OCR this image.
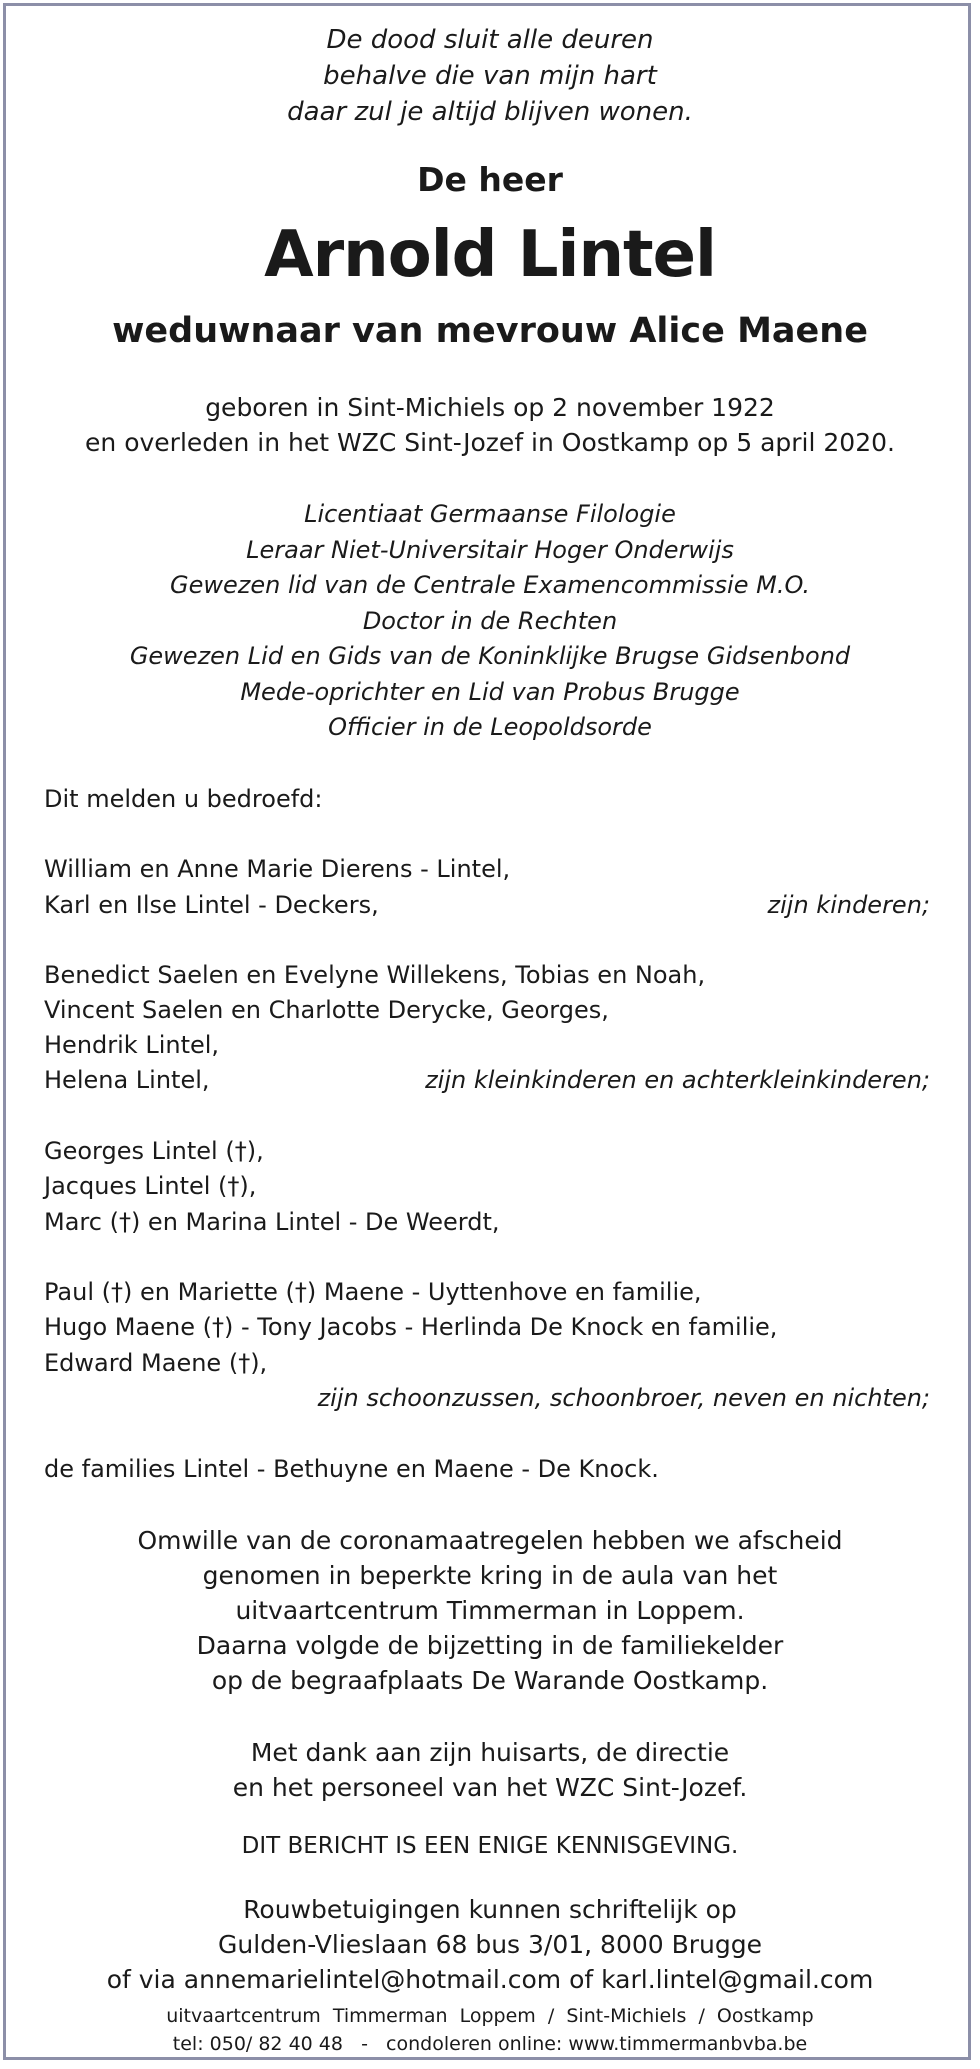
De dood sluit alle deuren
behalve die van mijn hart
daar zul je altijd blijven wonen.
De heer
Arnold Lintel
weduwnaar van mevrouw Alice Maene
geboren in Sint-Michiels op 2 november 1922
en overleden in het WZC Sint-Jozef in Oostkamp op 5 april 2020.
Licentiaat Germaanse Filologie
Leraar Niet-Universitair Hoger Onderwijs
Gewezen lid van de Centrale Examencommissie M.O.
Doctor in de Rechten
Gewezen Lid en Gids van de Koninklijke Brugse Gidsenbond
Mede-oprichter en Lid van Probus Brugge
Officier in de Leopoldsorde
Dit melden u bedroefd:
William en Anne Marie Dierens - Lintel,
Karl en Ilse Lintel - Deckers,	zijn kinderen;
Benedict Saelen en Evelyne Willekens, Tobias en Noah,
Vincent Saelen en Charlotte Derycke, Georges,
Hendrik Lintel,
Helena Lintel,	zijn kleinkinderen en achterkleinkinderen;
Georges Lintel (†),
Jacques Lintel (†),
Marc (†) en Marina Lintel - De Weerdt,
Paul (†) en Mariette (†) Maene - Uyttenhove en familie,
Hugo Maene (†) - Tony Jacobs - Herlinda De Knock en familie,
Edward Maene (†),
zijn schoonzussen, schoonbroer, neven en nichten;
de families Lintel - Bethuyne en Maene - De Knock.
Omwille van de coronamaatregelen hebben we afscheid
genomen in beperkte kring in de aula van het
uitvaartcentrum Timmerman in Loppem.
Daarna volgde de bijzetting in de familiekelder
op de begraafplaats De Warande Oostkamp.
Met dank aan zijn huisarts, de directie
en het personeel van het WZC Sint-Jozef.
DIT BERICHT IS EEN ENIGE KENNISGEVING.
Rouwbetuigingen kunnen schriftelijk op
Gulden-Vlieslaan 68 bus 3/01, 8000 Brugge
of via annemarielintel@hotmail.com of karl.lintel@gmail.com
uitvaartcentrum  Timmerman  Loppem  /  Sint-Michiels  /  Oostkamp
tel: 050/ 82 40 48   -   condoleren online: www.timmermanbvba.be
